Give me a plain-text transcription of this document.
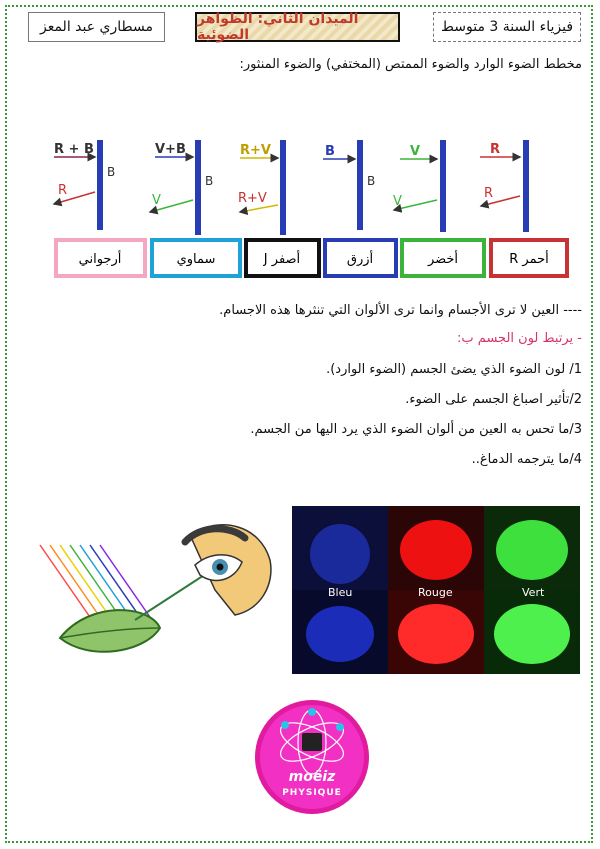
مسطاري عبد المعز	الميدان الثاني: الظواهر الضوئية	فيزياء السنة 3 متوسط
مخطط الضوء الوارد والضوء الممتص (المختفي) والضوء المنثور:
R + B
B
R
V+B
B
V
R+V
R+V
B
B
V
V
R
R
أرجواني	سماوي	أصفر J	أزرق	أخضر	أحمر R
---- العين لا ترى الأجسام وانما ترى الألوان التي تنثرها هذه الاجسام.
- يرتبط لون الجسم ب:
1/ لون الضوء الذي يضئ الجسم (الضوء الوارد).
2/تأثير اصباغ الجسم على الضوء.
3/ما تحس به العين من ألوان الضوء الذي يرد اليها من الجسم.
4/ما يترجمه الدماغ..
Bleu	Rouge	Vert
moëiz
PHYSIQUE
